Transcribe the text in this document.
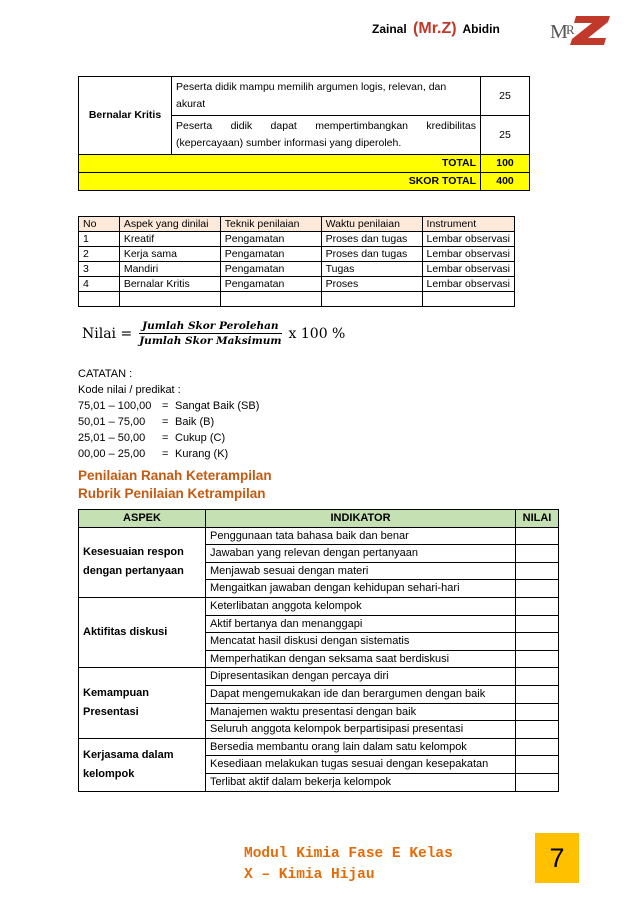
Zainal (Mr.Z) Abidin	M
R
Bernalar Kritis	Peserta didik mampu memilih argumen logis, relevan, dan akurat	25
	Peserta didik dapat mempertimbangkan kredibilitas (kepercayaan) sumber informasi yang diperoleh.	25
TOTAL		100
SKOR TOTAL		400
No	Aspek yang dinilai	Teknik penilaian	Waktu penilaian	Instrument
1	Kreatif	Pengamatan	Proses dan tugas	Lembar observasi
2	Kerja sama	Pengamatan	Proses dan tugas	Lembar observasi
3	Mandiri	Pengamatan	Tugas	Lembar observasi
4	Bernalar Kritis	Pengamatan	Proses	Lembar observasi

Nilai = $\frac{\text{Jumlah Skor Perolehan}}{\text{Jumlah Skor Maksimum}}$ x 100 %
CATATAN :
Kode nilai / predikat :
75,01 – 100,00 = Sangat Baik (SB)
50,01 – 75,00	= Baik (B)
25,01 – 50,00	= Cukup (C)
00,00 – 25,00	= Kurang (K)
Penilaian Ranah Keterampilan
Rubrik Penilaian Ketrampilan
ASPEK	INDIKATOR	NILAI
Kesesuaian respon dengan pertanyaan	Penggunaan tata bahasa baik dan benar	
	Jawaban yang relevan dengan pertanyaan	
	Menjawab sesuai dengan materi	
	Mengaitkan jawaban dengan kehidupan sehari-hari	
Aktifitas diskusi	Keterlibatan anggota kelompok	
	Aktif bertanya dan menanggapi	
	Mencatat hasil diskusi dengan sistematis	
	Memperhatikan dengan seksama saat berdiskusi	
Kemampuan Presentasi	Dipresentasikan dengan percaya diri	
	Dapat mengemukakan ide dan berargumen dengan baik	
	Manajemen waktu presentasi dengan baik	
	Seluruh anggota kelompok berpartisipasi presentasi	
Kerjasama dalam kelompok	Bersedia membantu orang lain dalam satu kelompok	
	Kesediaan melakukan tugas sesuai dengan kesepakatan	
	Terlibat aktif dalam bekerja kelompok	
Modul Kimia Fase E Kelas
X – Kimia Hijau
7
